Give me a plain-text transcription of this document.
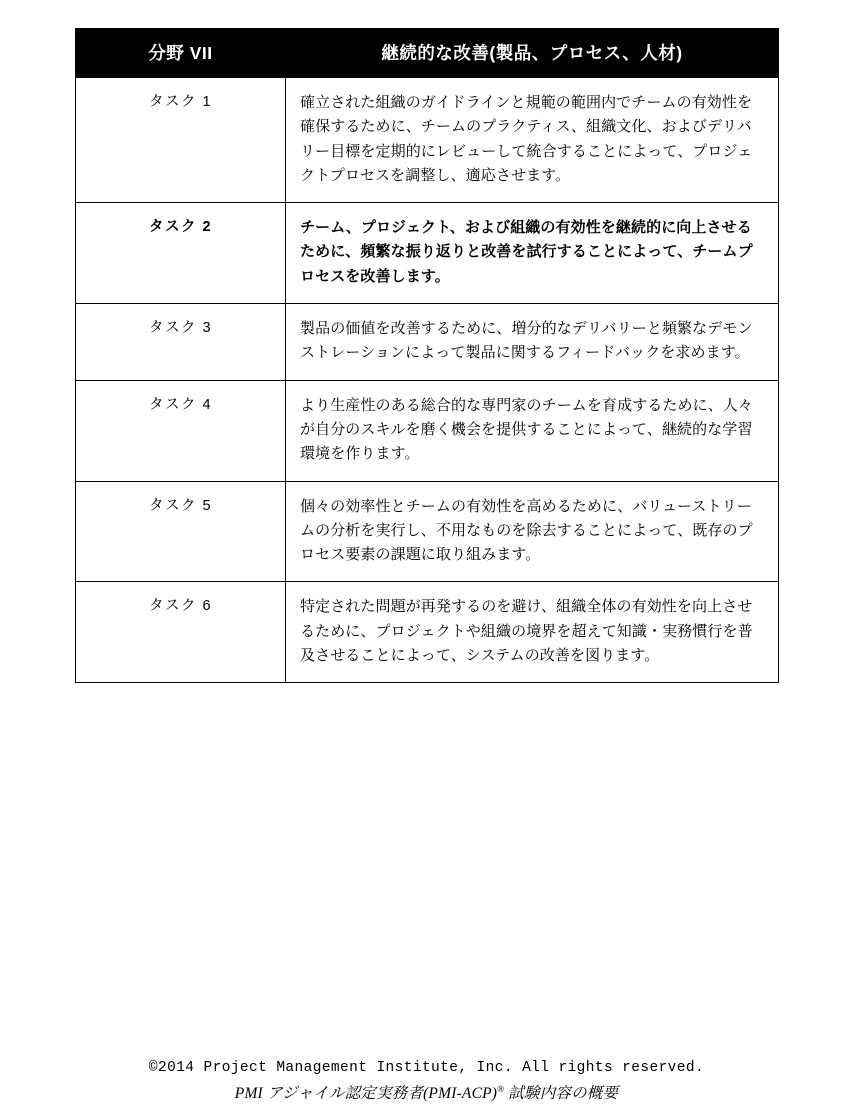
分野 VII	継続的な改善(製品、プロセス、人材)
タスク 1	確立された組織のガイドラインと規範の範囲内でチームの有効性を確保するために、チームのプラクティス、組織文化、およびデリバリー目標を定期的にレビューして統合することによって、プロジェクトプロセスを調整し、適応させます。
タスク 2	チーム、プロジェクト、および組織の有効性を継続的に向上させるために、頻繁な振り返りと改善を試行することによって、チームプロセスを改善します。
タスク 3	製品の価値を改善するために、増分的なデリバリーと頻繁なデモンストレーションによって製品に関するフィードバックを求めます。
タスク 4	より生産性のある総合的な専門家のチームを育成するために、人々が自分のスキルを磨く機会を提供することによって、継続的な学習環境を作ります。
タスク 5	個々の効率性とチームの有効性を高めるために、バリューストリームの分析を実行し、不用なものを除去することによって、既存のプロセス要素の課題に取り組みます。
タスク 6	特定された問題が再発するのを避け、組織全体の有効性を向上させるために、プロジェクトや組織の境界を超えて知識・実務慣行を普及させることによって、システムの改善を図ります。
©2014 Project Management Institute, Inc. All rights reserved.
PMI アジャイル認定実務者(PMI-ACP)® 試験内容の概要
